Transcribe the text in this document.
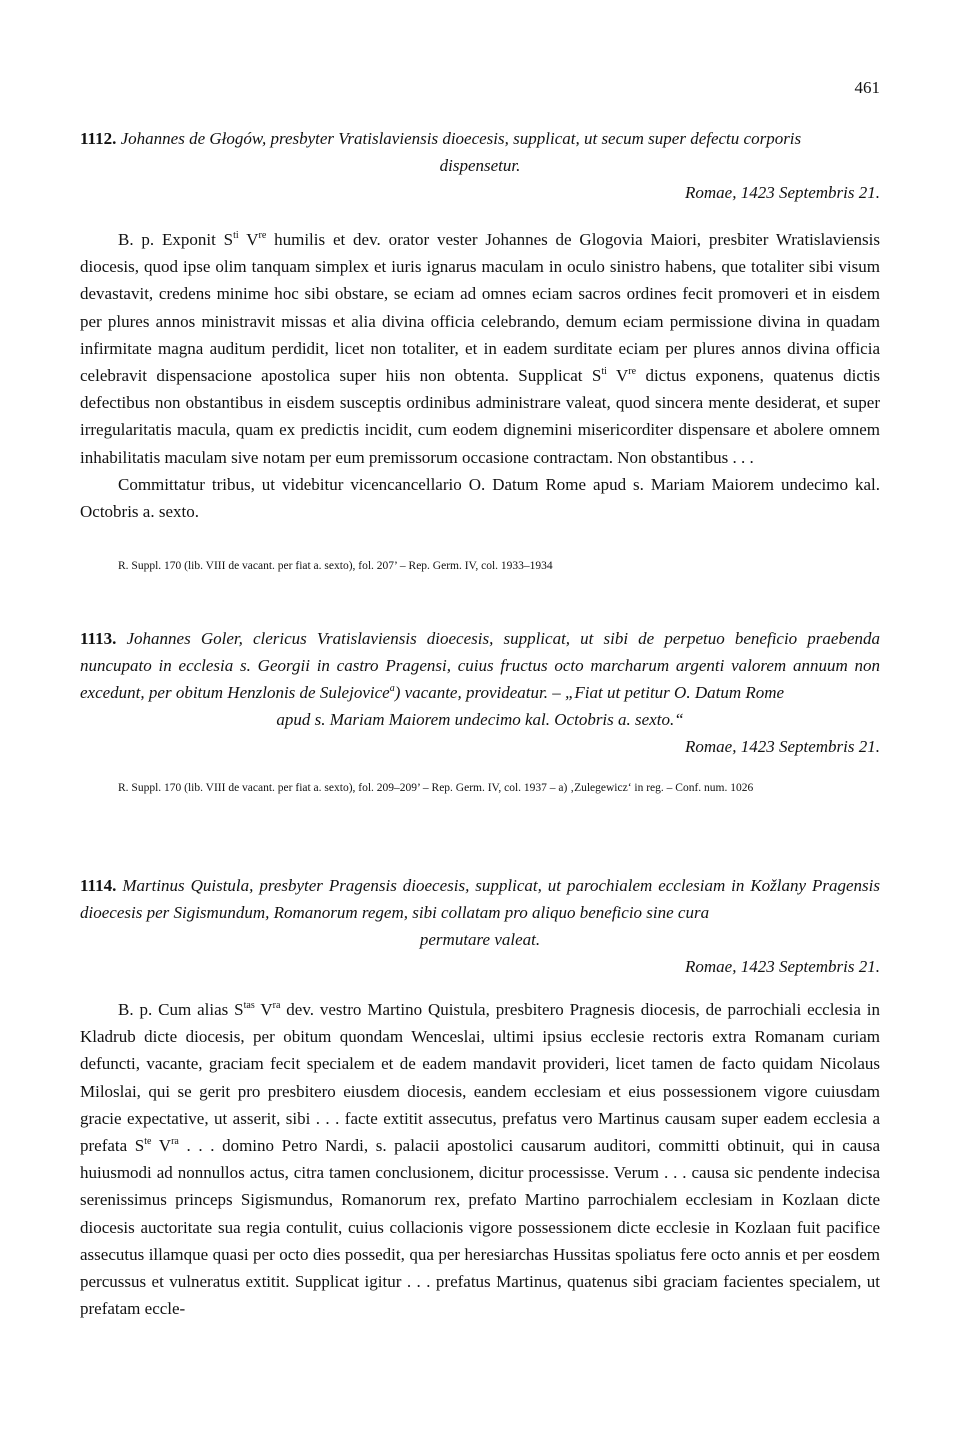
461

1112. Johannes de Głogów, presbyter Vratislaviensis dioecesis, supplicat, ut secum super defectu corporis
dispensetur.

Romae, 1423 Septembris 21.

B. p. Exponit $S^{ti}$ Vre humilis et dev. orator vester Johannes de Glogovia Maiori, presbiter Wratislaviensis diocesis, quod ipse olim tanquam simplex et iuris ignarus maculam in oculo sinistro habens, que totaliter sibi visum devastavit, credens minime hoc sibi obstare, se eciam ad omnes eciam sacros ordines fecit promoveri et in eisdem per plures annos ministravit missas et alia divina officia celebrando, demum eciam permissione divina in quadam infirmitate magna auditum perdidit, licet non totaliter, et in eadem surditate eciam per plures annos divina officia celebravit dispensacione apostolica super hiis non obtenta. Supplicat $S^{ti}$ Vre dictus exponens, quatenus dictis defectibus non obstantibus in eisdem susceptis ordinibus administrare valeat, quod sincera mente desiderat, et super irregularitatis macula, quam ex predictis incidit, cum eodem dignemini misericorditer dispensare et abolere omnem inhabilitatis maculam sive notam per eum premissorum occasione contractam. Non obstantibus . . .

Committatur tribus, ut videbitur vicencancellario O. Datum Rome apud s. Mariam Maiorem undecimo kal. Octobris a. sexto.

R. Suppl. 170 (lib. VIII de vacant. per fiat a. sexto), fol. 207’ – Rep. Germ. IV, col. 1933–1934

1113. Johannes Goler, clericus Vratislaviensis dioecesis, supplicat, ut sibi de perpetuo beneficio praebenda nuncupato in ecclesia s. Georgii in castro Pragensi, cuius fructus octo marcharum argenti valorem annuum non excedunt, per obitum Henzlonis de Sulejovice$^a$) vacante, provideatur. – „Fiat ut petitur O. Datum Rome
apud s. Mariam Maiorem undecimo kal. Octobris a. sexto.“

Romae, 1423 Septembris 21.

R. Suppl. 170 (lib. VIII de vacant. per fiat a. sexto), fol. 209–209’ – Rep. Germ. IV, col. 1937 – a) ‚Zulegewicz‘ in reg. – Conf. num. 1026

1114. Martinus Quistula, presbyter Pragensis dioecesis, supplicat, ut parochialem ecclesiam in Kožlany Pragensis dioecesis per Sigismundum, Romanorum regem, sibi collatam pro aliquo beneficio sine cura
permutare valeat.

Romae, 1423 Septembris 21.

B. p. Cum alias $S^{tas}$ $V^{ra}$ dev. vestro Martino Quistula, presbitero Pragnesis diocesis, de parrochiali ecclesia in Kladrub dicte diocesis, per obitum quondam Wenceslai, ultimi ipsius ecclesie rectoris extra Romanam curiam defuncti, vacante, graciam fecit specialem et de eadem mandavit provideri, licet tamen de facto quidam Nicolaus Miloslai, qui se gerit pro presbitero eiusdem diocesis, eandem ecclesiam et eius possessionem vigore cuiusdam gracie expectative, ut asserit, sibi . . . facte extitit assecutus, prefatus vero Martinus causam super eadem ecclesia a prefata $S^{te}$ $V^{ra}$ . . . domino Petro Nardi, s. palacii apostolici causarum auditori, committi obtinuit, qui in causa huiusmodi ad nonnullos actus, citra tamen conclusionem, dicitur processisse. Verum . . . causa sic pendente indecisa serenissimus princeps Sigismundus, Romanorum rex, prefato Martino parrochialem ecclesiam in Kozlaan dicte diocesis auctoritate sua regia contulit, cuius collacionis vigore possessionem dicte ecclesie in Kozlaan fuit pacifice assecutus illamque quasi per octo dies possedit, qua per heresiarchas Hussitas spoliatus fere octo annis et per eosdem percussus et vulneratus extitit. Supplicat igitur . . . prefatus Martinus, quatenus sibi graciam facientes specialem, ut prefatam eccle-
